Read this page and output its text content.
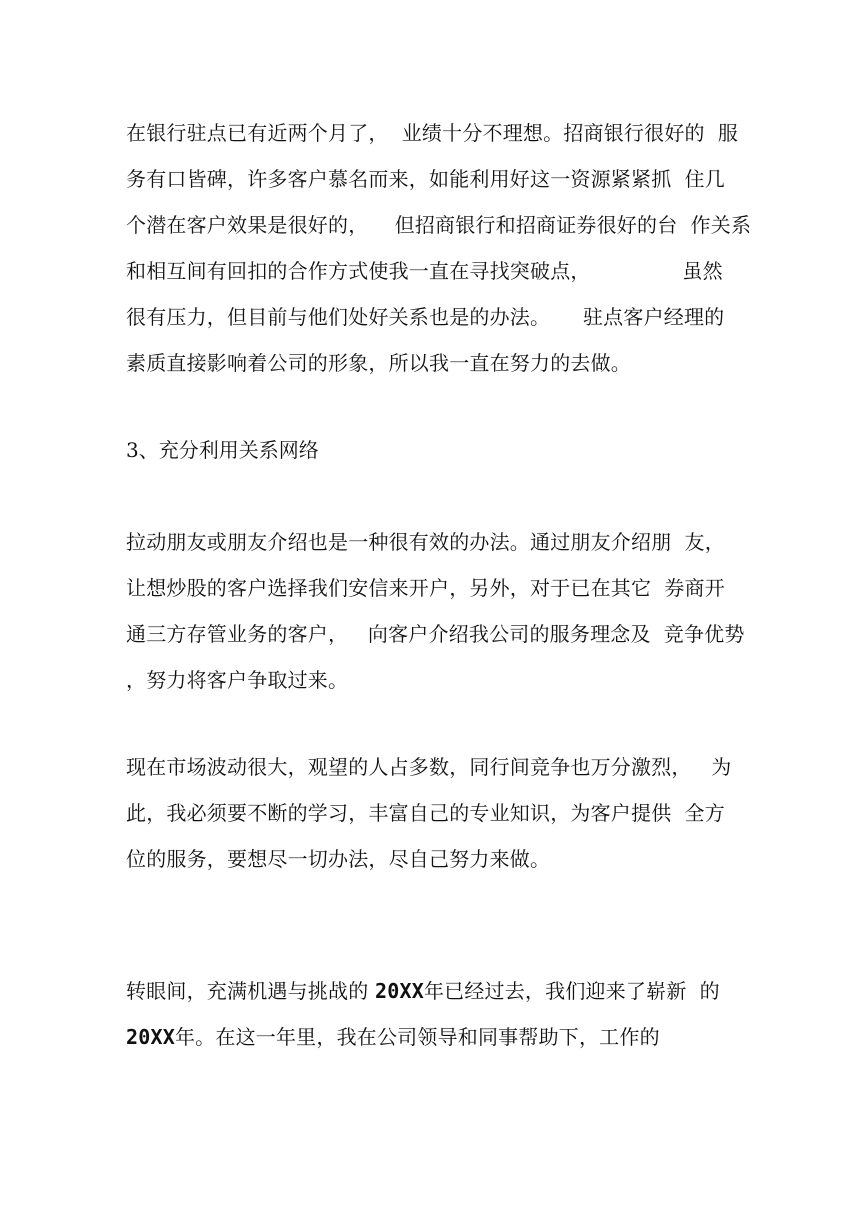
在银行驻点已有近两个月了，  业绩十分不理想。招商银行很好的  服
务有口皆碑，许多客户慕名而来，如能利用好这一资源紧紧抓  住几
个潜在客户效果是很好的，    但招商银行和招商证券很好的台  作关系
和相互间有回扣的合作方式使我一直在寻找突破点，              虽然
很有压力，但目前与他们处好关系也是的办法。     驻点客户经理的
素质直接影响着公司的形象，所以我一直在努力的去做。
3、充分利用关系网络
拉动朋友或朋友介绍也是一种很有效的办法。通过朋友介绍朋  友，
让想炒股的客户选择我们安信来开户，另外，对于已在其它  券商开
通三方存管业务的客户，   向客户介绍我公司的服务理念及  竞争优势
，努力将客户争取过来。
现在市场波动很大，观望的人占多数，同行间竞争也万分激烈，   为
此，我必须要不断的学习，丰富自己的专业知识，为客户提供  全方
位的服务，要想尽一切办法，尽自己努力来做。
转眼间，充满机遇与挑战的 20XX年已经过去，我们迎来了崭新  的
20XX年。在这一年里，我在公司领导和同事帮助下，工作的
